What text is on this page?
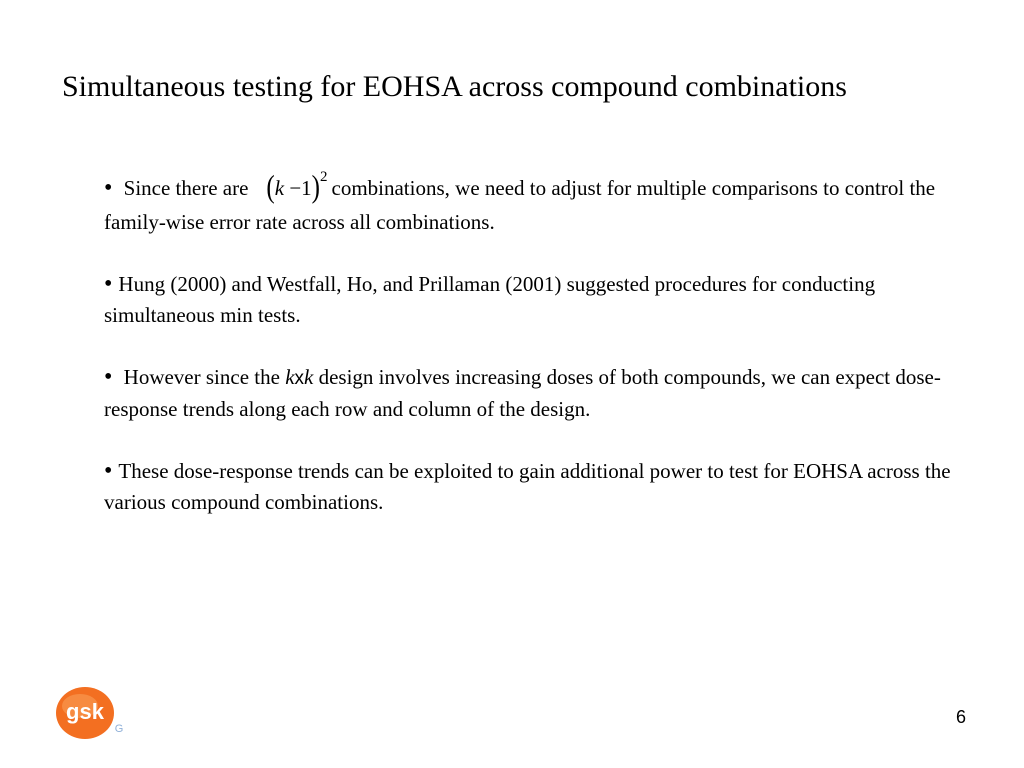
Simultaneous testing for EOHSA across compound combinations

• Since there are $(k -1)^2$ combinations, we need to adjust for multiple comparisons to control the family-wise error rate across all combinations.

• Hung (2000) and Westfall, Ho, and Prillaman (2001) suggested procedures for conducting simultaneous min tests.

• However since the kxk design involves increasing doses of both compounds, we can expect dose-response trends along each row and column of the design.

• These dose-response trends can be exploited to gain additional power to test for EOHSA across the various compound combinations.

gsk
G
6
